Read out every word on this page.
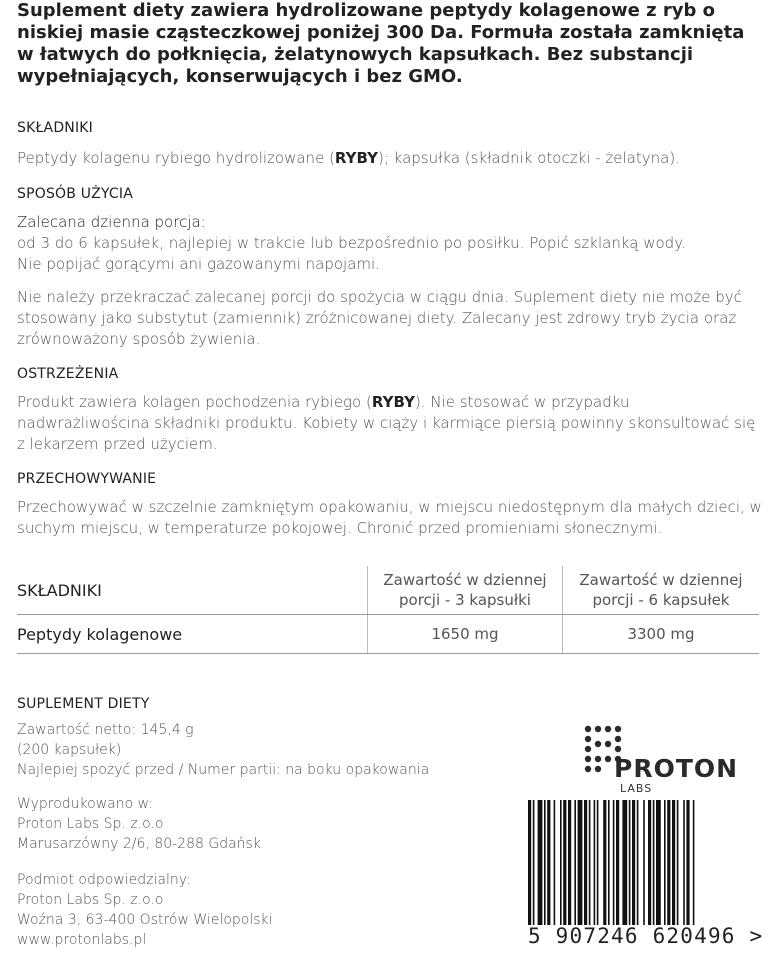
Suplement diety zawiera hydrolizowane peptydy kolagenowe z ryb o niskiej masie cząsteczkowej poniżej 300 Da. Formuła została zamknięta w łatwych do połknięcia, żelatynowych kapsułkach. Bez substancji wypełniających, konserwujących i bez GMO.
SKŁADNIKI
Peptydy kolagenu rybiego hydrolizowane (RYBY); kapsułka (składnik otoczki - żelatyna).
SPOSÓB UŻYCIA
Zalecana dzienna porcja:
od 3 do 6 kapsułek, najlepiej w trakcie lub bezpośrednio po posiłku. Popić szklanką wody.
Nie popijać gorącymi ani gazowanymi napojami.
Nie należy przekraczać zalecanej porcji do spożycia w ciągu dnia. Suplement diety nie może być stosowany jako substytut (zamiennik) zróżnicowanej diety. Zalecany jest zdrowy tryb życia oraz zrównoważony sposób żywienia.
OSTRZEŻENIA
Produkt zawiera kolagen pochodzenia rybiego (RYBY). Nie stosować w przypadku nadwrażliwościna składniki produktu. Kobiety w ciąży i karmiące piersią powinny skonsultować się z lekarzem przed użyciem.
PRZECHOWYWANIE
Przechowywać w szczelnie zamkniętym opakowaniu, w miejscu niedostępnym dla małych dzieci, w suchym miejscu, w temperaturze pokojowej. Chronić przed promieniami słonecznymi.
SKŁADNIKI	Zawartość w dziennej porcji - 3 kapsułki	Zawartość w dziennej porcji - 6 kapsułek
Peptydy kolagenowe	1650 mg	3300 mg
SUPLEMENT DIETY
Zawartość netto: 145,4 g
(200 kapsułek)
Najlepiej spożyć przed / Numer partii: na boku opakowania
Wyprodukowano w:
Proton Labs Sp. z.o.o
Marusarzówny 2/6, 80-288 Gdańsk
Podmiot odpowiedzialny:
Proton Labs Sp. z.o.o
Woźna 3, 63-400 Ostrów Wielopolski
www.protonlabs.pl
PROTON
LABS
5 907246 620496 >
